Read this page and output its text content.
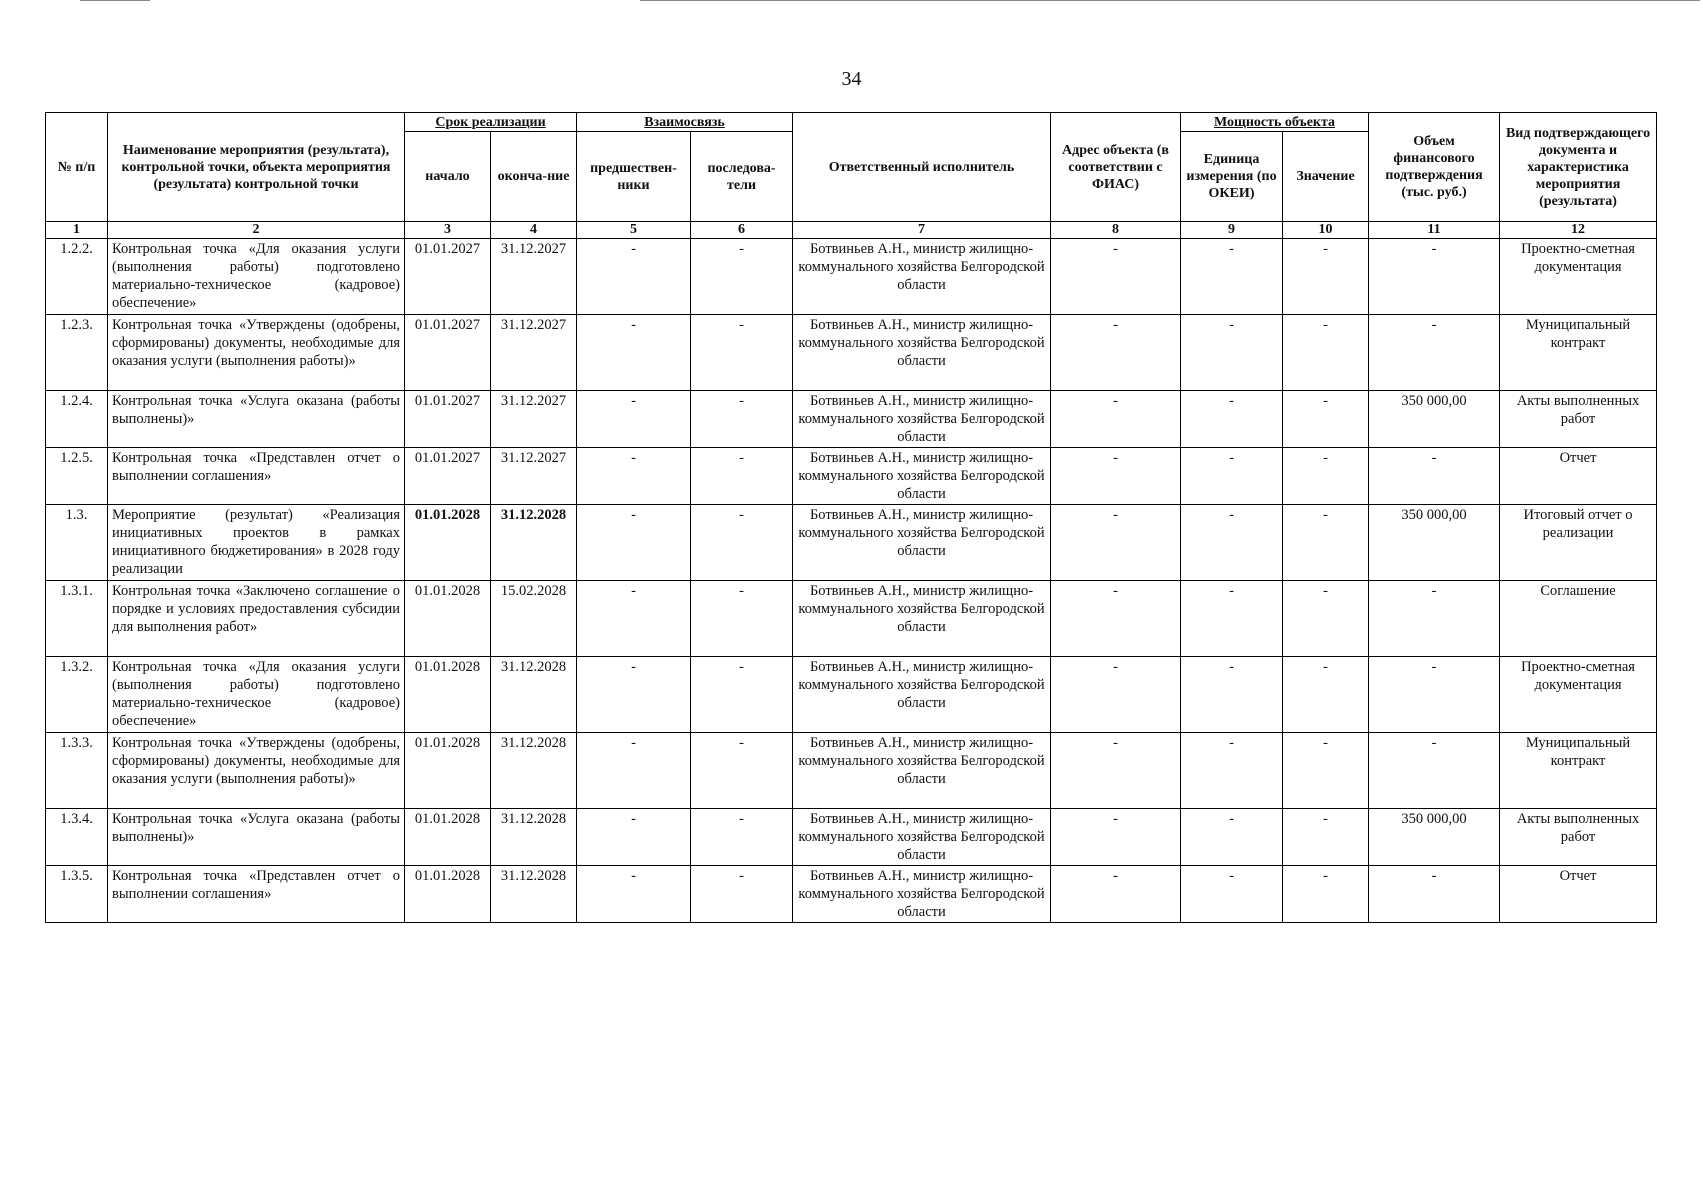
34
№ п/п	Наименование мероприятия (результата), контрольной точки, объекта мероприятия (результата) контрольной точки	Срок реализации		Взаимосвязь		Ответственный исполнитель	Адрес объекта (в соответствии с ФИАС)	Мощность объекта		Объем финансового подтверждения (тыс. руб.)	Вид подтверждающего документа и характеристика мероприятия (результата)
		начало	оконча-ние	предшествен-ники	последова-тели			Единица измерения (по ОКЕИ)	Значение		
1	2	3	4	5	6	7	8	9	10	11	12
1.2.2.	Контрольная точка «Для оказания услуги (выполнения работы) подготовлено материально-техническое (кадровое) обеспечение»	01.01.2027	31.12.2027	-	-	Ботвиньев А.Н., министр жилищно-коммунального хозяйства Белгородской области	-	-	-	-	Проектно-сметная документация
1.2.3.	Контрольная точка «Утверждены (одобрены, сформированы) документы, необходимые для оказания услуги (выполнения работы)»	01.01.2027	31.12.2027	-	-	Ботвиньев А.Н., министр жилищно-коммунального хозяйства Белгородской области	-	-	-	-	Муниципальный контракт
1.2.4.	Контрольная точка «Услуга оказана (работы выполнены)»	01.01.2027	31.12.2027	-	-	Ботвиньев А.Н., министр жилищно-коммунального хозяйства Белгородской области	-	-	-	350 000,00	Акты выполненных работ
1.2.5.	Контрольная точка «Представлен отчет о выполнении соглашения»	01.01.2027	31.12.2027	-	-	Ботвиньев А.Н., министр жилищно-коммунального хозяйства Белгородской области	-	-	-	-	Отчет
1.3.	Мероприятие (результат) «Реализация инициативных проектов в рамках инициативного бюджетирования» в 2028 году реализации	01.01.2028	31.12.2028	-	-	Ботвиньев А.Н., министр жилищно-коммунального хозяйства Белгородской области	-	-	-	350 000,00	Итоговый отчет о реализации
1.3.1.	Контрольная точка «Заключено соглашение о порядке и условиях предоставления субсидии для выполнения работ»	01.01.2028	15.02.2028	-	-	Ботвиньев А.Н., министр жилищно-коммунального хозяйства Белгородской области	-	-	-	-	Соглашение
1.3.2.	Контрольная точка «Для оказания услуги (выполнения работы) подготовлено материально-техническое (кадровое) обеспечение»	01.01.2028	31.12.2028	-	-	Ботвиньев А.Н., министр жилищно-коммунального хозяйства Белгородской области	-	-	-	-	Проектно-сметная документация
1.3.3.	Контрольная точка «Утверждены (одобрены, сформированы) документы, необходимые для оказания услуги (выполнения работы)»	01.01.2028	31.12.2028	-	-	Ботвиньев А.Н., министр жилищно-коммунального хозяйства Белгородской области	-	-	-	-	Муниципальный контракт
1.3.4.	Контрольная точка «Услуга оказана (работы выполнены)»	01.01.2028	31.12.2028	-	-	Ботвиньев А.Н., министр жилищно-коммунального хозяйства Белгородской области	-	-	-	350 000,00	Акты выполненных работ
1.3.5.	Контрольная точка «Представлен отчет о выполнении соглашения»	01.01.2028	31.12.2028	-	-	Ботвиньев А.Н., министр жилищно-коммунального хозяйства Белгородской области	-	-	-	-	Отчет
